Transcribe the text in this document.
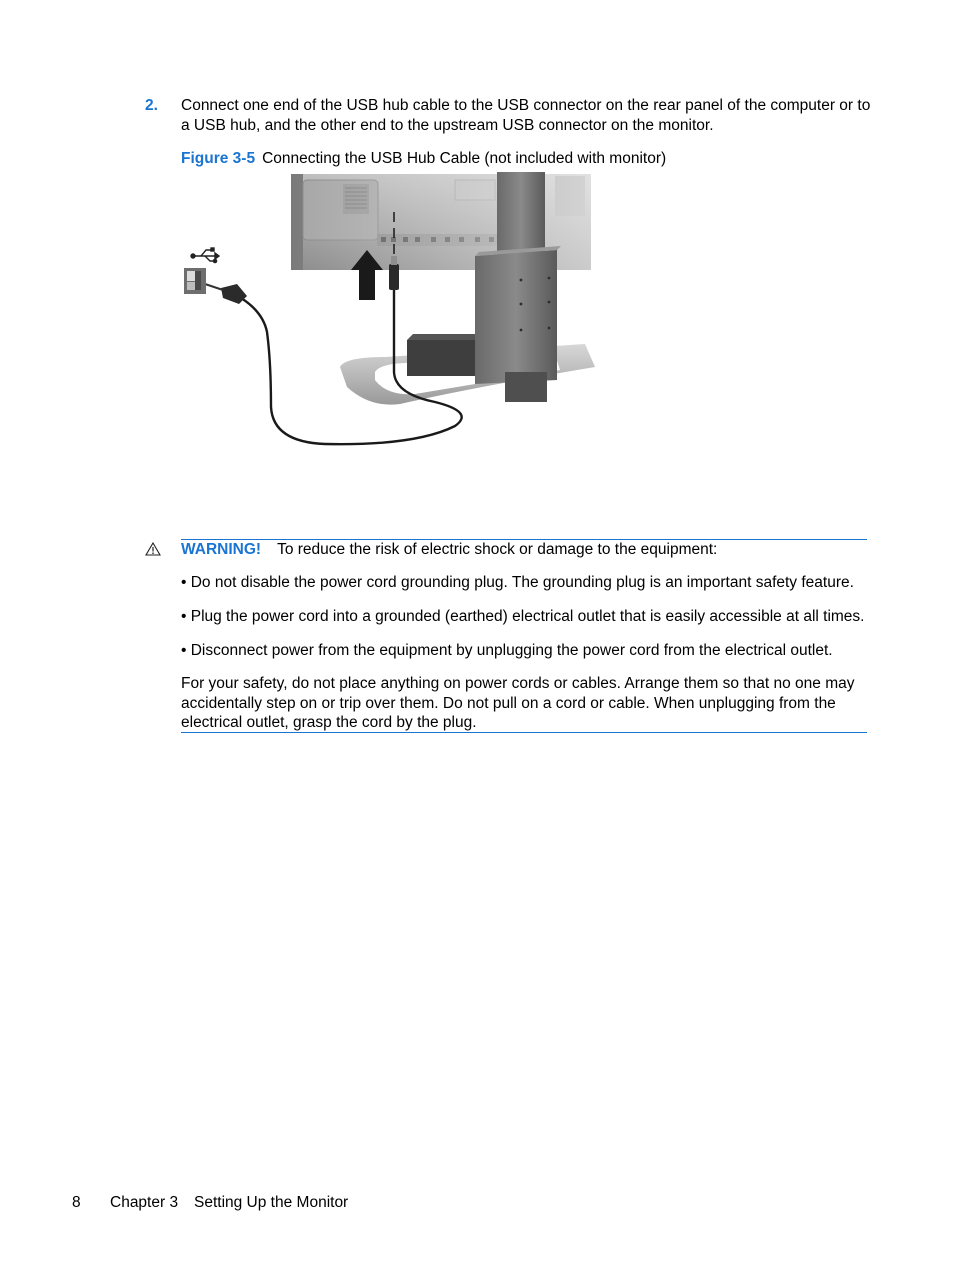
2. Connect one end of the USB hub cable to the USB connector on the rear panel of the computer or to a USB hub, and the other end to the upstream USB connector on the monitor.
Figure 3-5 Connecting the USB Hub Cable (not included with monitor)
WARNING! To reduce the risk of electric shock or damage to the equipment:
• Do not disable the power cord grounding plug. The grounding plug is an important safety feature.
• Plug the power cord into a grounded (earthed) electrical outlet that is easily accessible at all times.
• Disconnect power from the equipment by unplugging the power cord from the electrical outlet.
For your safety, do not place anything on power cords or cables. Arrange them so that no one may accidentally step on or trip over them. Do not pull on a cord or cable. When unplugging from the electrical outlet, grasp the cord by the plug.
8 Chapter 3 Setting Up the Monitor
